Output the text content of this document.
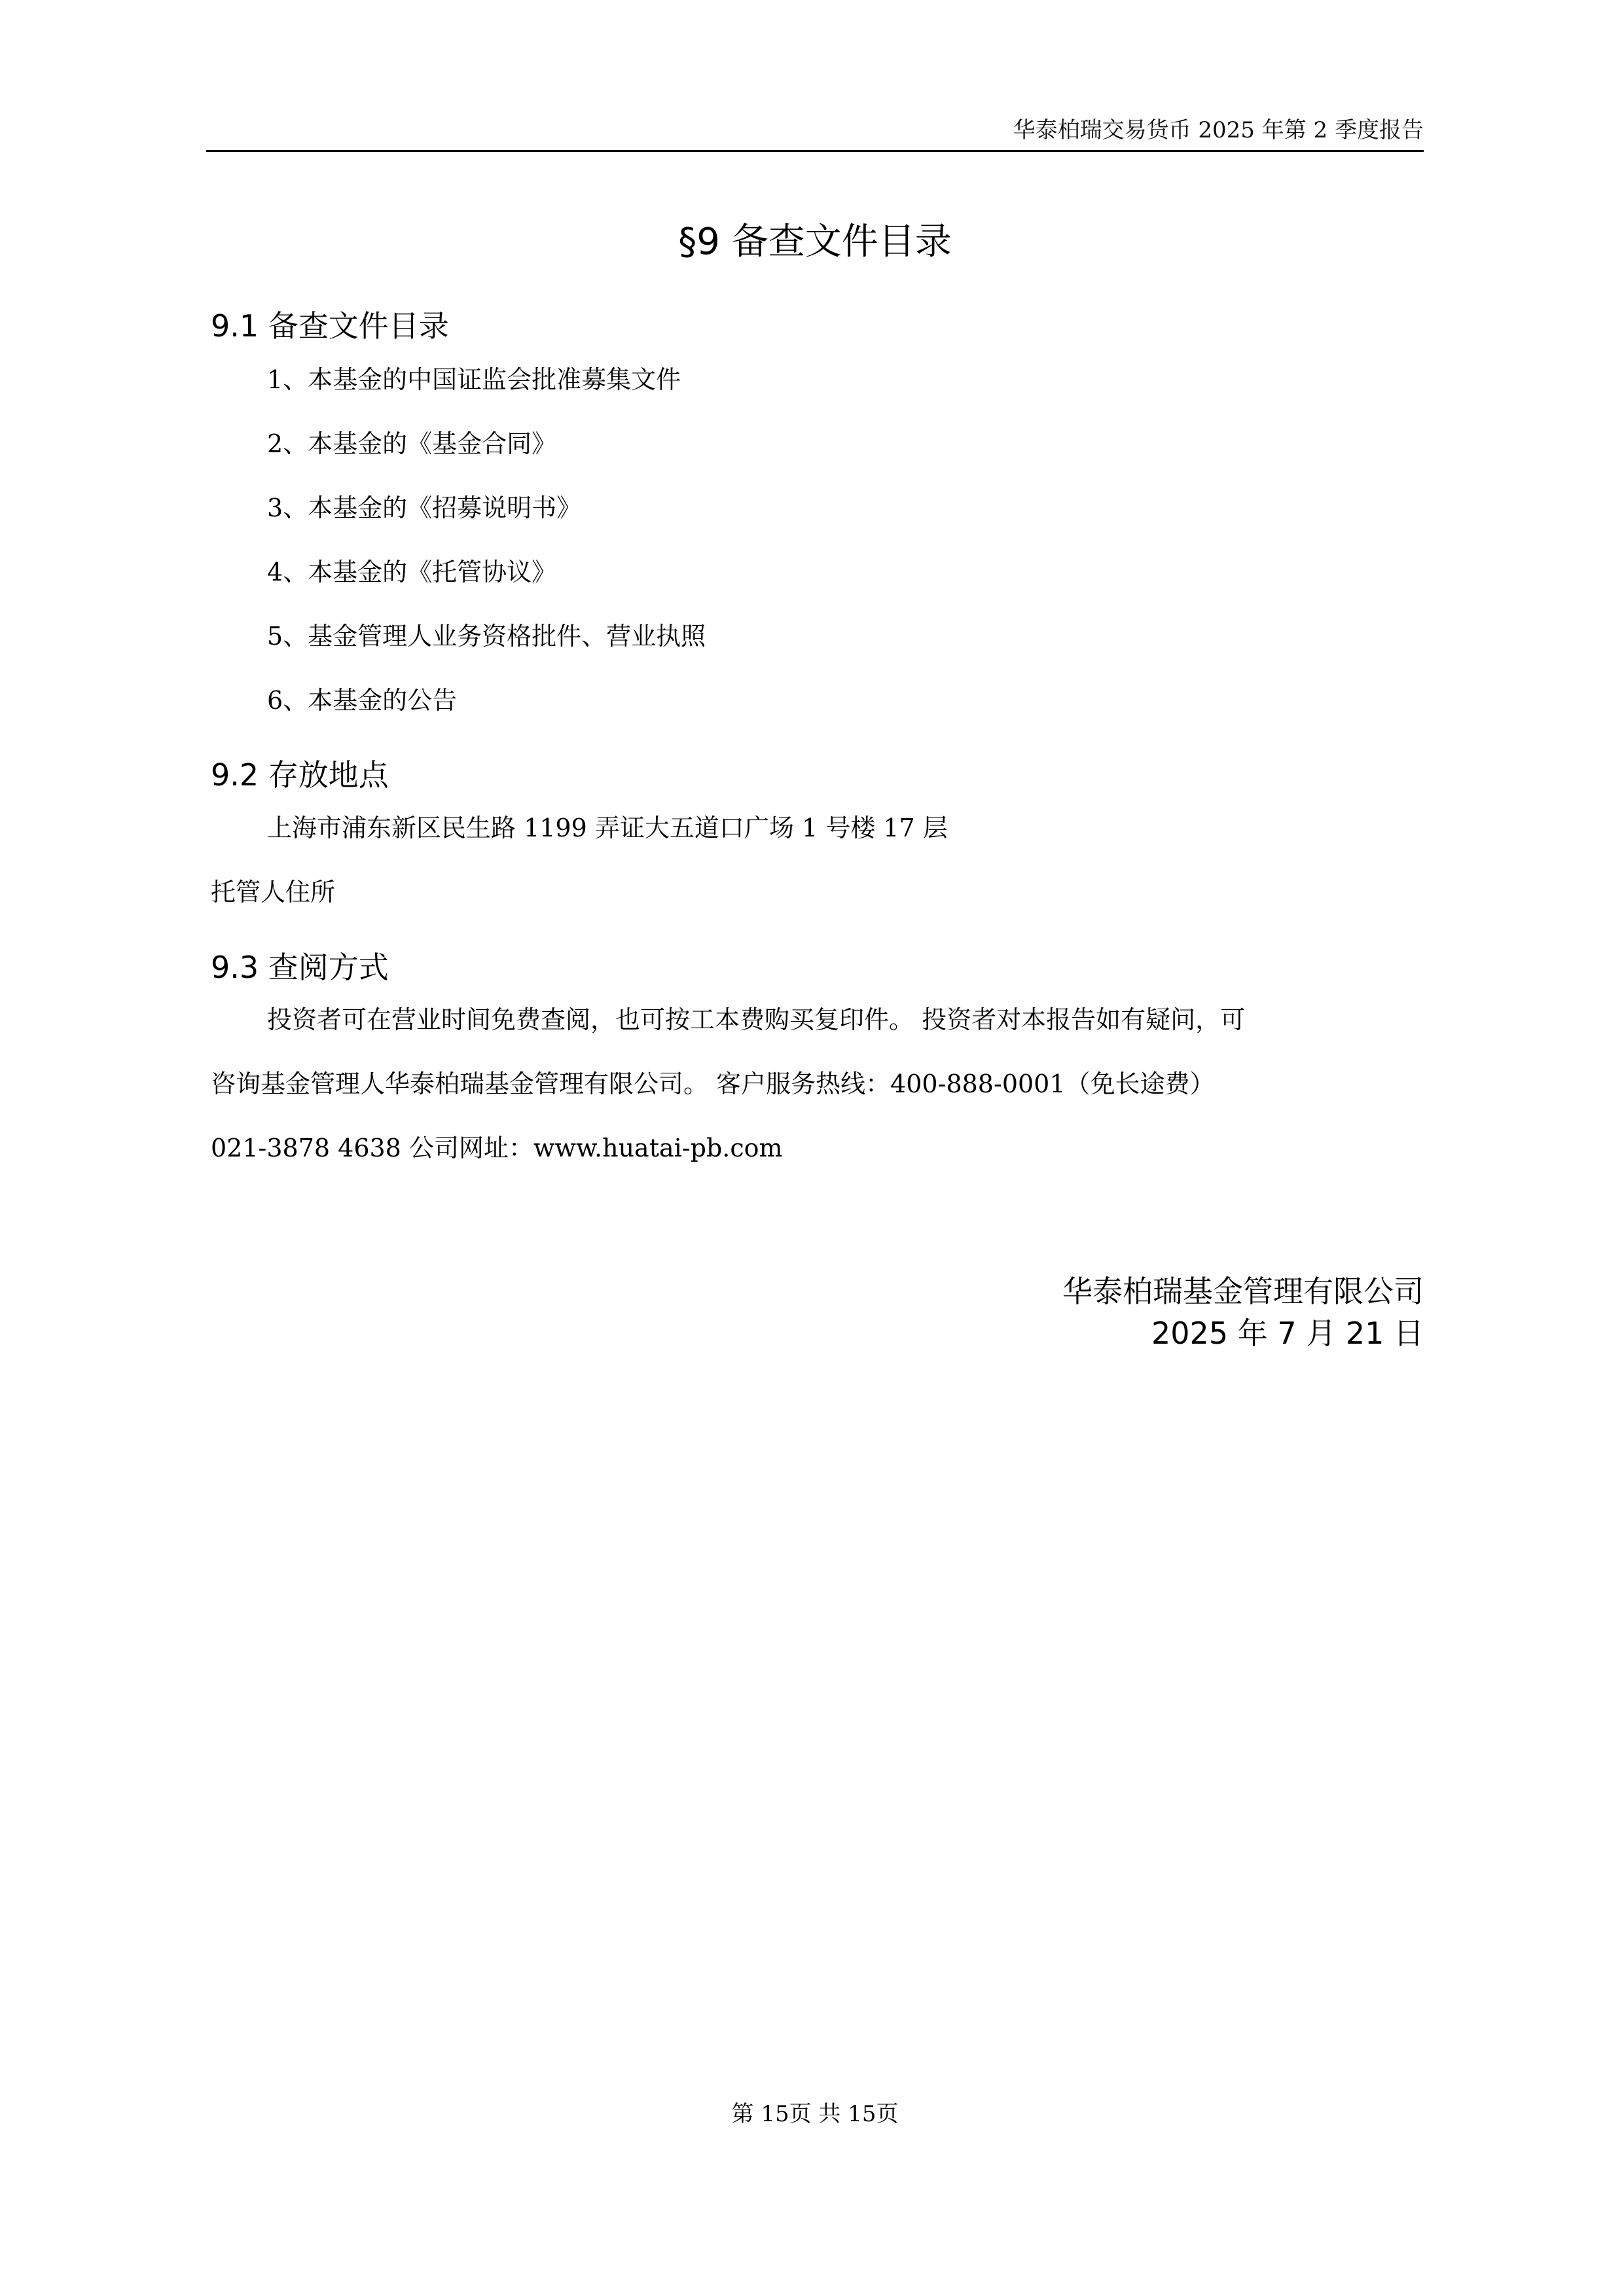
华泰柏瑞交易货币 2025 年第 2 季度报告
§9 备查文件目录
9.1 备查文件目录
1、本基金的中国证监会批准募集文件
2、本基金的《基金合同》
3、本基金的《招募说明书》
4、本基金的《托管协议》
5、基金管理人业务资格批件、营业执照
6、本基金的公告
9.2 存放地点
上海市浦东新区民生路 1199 弄证大五道口广场 1 号楼 17 层
托管人住所
9.3 查阅方式
投资者可在营业时间免费查阅，也可按工本费购买复印件。 投资者对本报告如有疑问，可
咨询基金管理人华泰柏瑞基金管理有限公司。 客户服务热线：400-888-0001（免长途费）
021-3878 4638 公司网址：www.huatai-pb.com
华泰柏瑞基金管理有限公司
2025 年 7 月 21 日
第 15页 共 15页
